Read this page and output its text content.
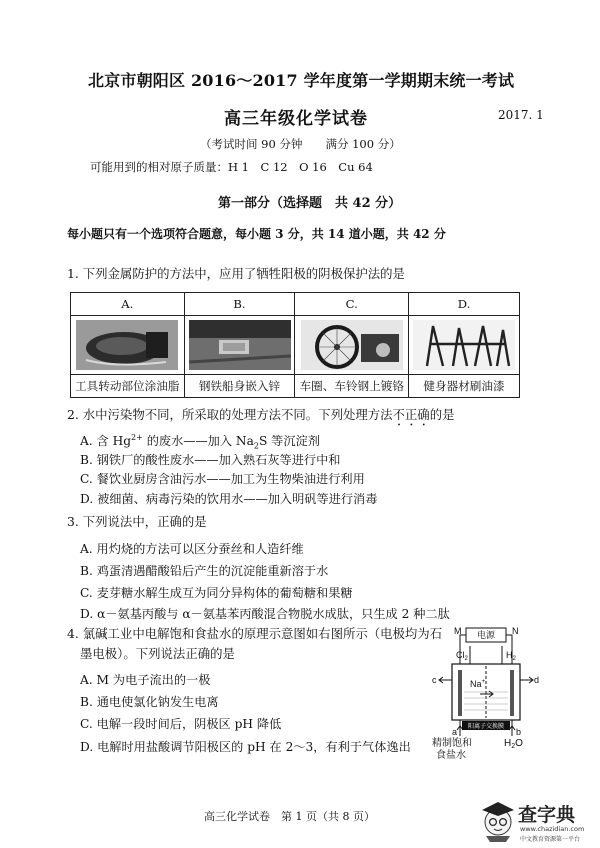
北京市朝阳区 2016～2017 学年度第一学期期末统一考试
高三年级化学试卷	2017. 1
（考试时间 90 分钟　　满分 100 分）
可能用到的相对原子质量：H 1　C 12　O 16　Cu 64
第一部分（选择题　共 42 分）
每小题只有一个选项符合题意，每小题 3 分，共 14 道小题，共 42 分
1. 下列金属防护的方法中，应用了牺牲阳极的阴极保护法的是
A.	B.	C.	D.

工具转动部位涂油脂	钢铁船身嵌入锌	车圈、车铃钢上镀铬	健身器材刷油漆
2. 水中污染物不同，所采取的处理方法不同。下列处理方法不正确的是
A. 含 $Hg^{2+}$ 的废水——加入 $Na_2S$ 等沉淀剂
B. 钢铁厂的酸性废水——加入熟石灰等进行中和
C. 餐饮业厨房含油污水——加工为生物柴油进行利用
D. 被细菌、病毒污染的饮用水——加入明矾等进行消毒
3. 下列说法中，正确的是
A. 用灼烧的方法可以区分蚕丝和人造纤维
B. 鸡蛋清遇醋酸铅后产生的沉淀能重新溶于水
C. 麦芽糖水解生成互为同分异构体的葡萄糖和果糖
D. α－氨基丙酸与 α－氨基苯丙酸混合物脱水成肽，只生成 2 种二肽
4. 氯碱工业中电解饱和食盐水的原理示意图如右图所示（电极均为石
墨电极）。下列说法正确的是
A. M 为电子流出的一极
B. 通电使氯化钠发生电离
C. 电解一段时间后，阴极区 pH 降低
D. 电解时用盐酸调节阳极区的 pH 在 2～3，有利于气体逸出
电源
M	N
$Cl_2$	$H_2$
Na+
c	d
阳离子交换膜
a	b
精制饱和
食盐水
$H_2O$
高三化学试卷　第 1 页（共 8 页）	查字典
www.chazidian.com
中文教育资源第一平台
